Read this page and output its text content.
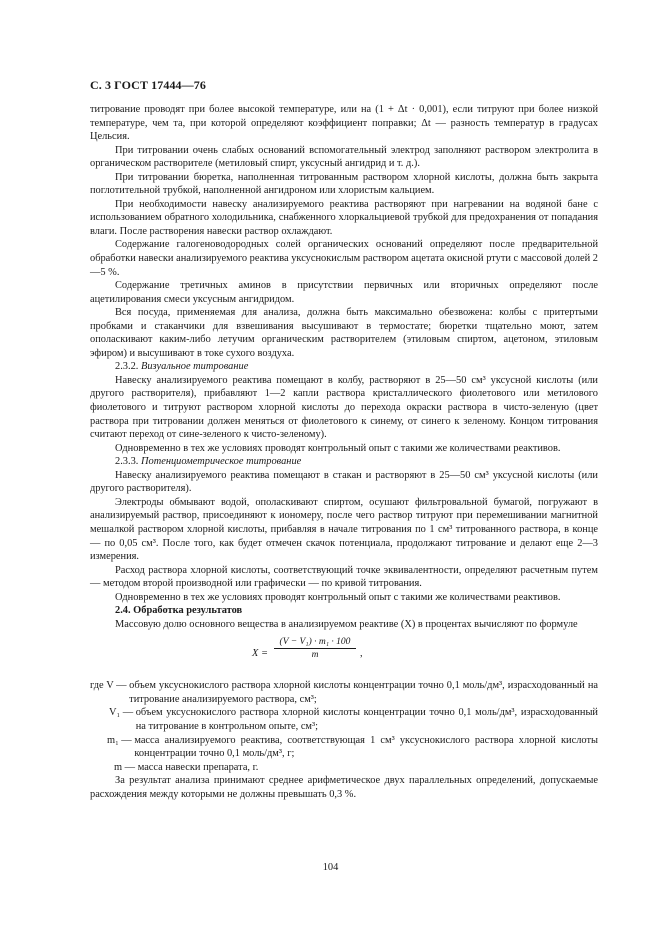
С. 3 ГОСТ 17444—76

титрование проводят при более высокой температуре, или на (1 + Δt · 0,001), если титруют при более низкой температуре, чем та, при которой определяют коэффициент поправки; Δt — разность температур в градусах Цельсия.

При титровании очень слабых оснований вспомогательный электрод заполняют раствором электролита в органическом растворителе (метиловый спирт, уксусный ангидрид и т. д.).

При титровании бюретка, наполненная титрованным раствором хлорной кислоты, должна быть закрыта поглотительной трубкой, наполненной ангидроном или хлористым кальцием.

При необходимости навеску анализируемого реактива растворяют при нагревании на водяной бане с использованием обратного холодильника, снабженного хлоркальциевой трубкой для предохранения от попадания влаги. После растворения навески раствор охлаждают.

Содержание галогеноводородных солей органических оснований определяют после предварительной обработки навески анализируемого реактива уксуснокислым раствором ацетата окисной ртути с массовой долей 2—5 %.

Содержание третичных аминов в присутствии первичных или вторичных определяют после ацетилирования смеси уксусным ангидридом.

Вся посуда, применяемая для анализа, должна быть максимально обезвожена: колбы с притертыми пробками и стаканчики для взвешивания высушивают в термостате; бюретки тщательно моют, затем ополаскивают каким-либо летучим органическим растворителем (этиловым спиртом, ацетоном, этиловым эфиром) и высушивают в токе сухого воздуха.

2.3.2. Визуальное титрование

Навеску анализируемого реактива помещают в колбу, растворяют в 25—50 см³ уксусной кислоты (или другого растворителя), прибавляют 1—2 капли раствора кристаллического фиолетового или метилового фиолетового и титруют раствором хлорной кислоты до перехода окраски раствора в чисто-зеленую (цвет раствора при титровании должен меняться от фиолетового к синему, от синего к зеленому. Концом титрования считают переход от сине-зеленого к чисто-зеленому).

Одновременно в тех же условиях проводят контрольный опыт с такими же количествами реактивов.

2.3.3. Потенциометрическое титрование

Навеску анализируемого реактива помещают в стакан и растворяют в 25—50 см³ уксусной кислоты (или другого растворителя).

Электроды обмывают водой, ополаскивают спиртом, осушают фильтровальной бумагой, погружают в анализируемый раствор, присоединяют к иономеру, после чего раствор титруют при перемешивании магнитной мешалкой раствором хлорной кислоты, прибавляя в начале титрования по 1 см³ титрованного раствора, в конце — по 0,05 см³. После того, как будет отмечен скачок потенциала, продолжают титрование и делают еще 2—3 измерения.

Расход раствора хлорной кислоты, соответствующий точке эквивалентности, определяют расчетным путем — методом второй производной или графически — по кривой титрования.

Одновременно в тех же условиях проводят контрольный опыт с такими же количествами реактивов.

2.4. Обработка результатов

Массовую долю основного вещества в анализируемом реактиве (X) в процентах вычисляют по формуле

X =
(V − V₁) · m₁ · 100
m	,
где V —
объем уксуснокислого раствора хлорной кислоты концентрации точно 0,1 моль/дм³, израсходованный на титрование анализируемого раствора, см³;
V₁ —
объем уксуснокислого раствора хлорной кислоты концентрации точно 0,1 моль/дм³, израсходованный на титрование в контрольном опыте, см³;
m₁ —
масса анализируемого реактива, соответствующая 1 см³ уксуснокислого раствора хлорной кислоты концентрации точно 0,1 моль/дм³, г;
m —
масса навески препарата, г.

За результат анализа принимают среднее арифметическое двух параллельных определений, допускаемые расхождения между которыми не должны превышать 0,3 %.

104
